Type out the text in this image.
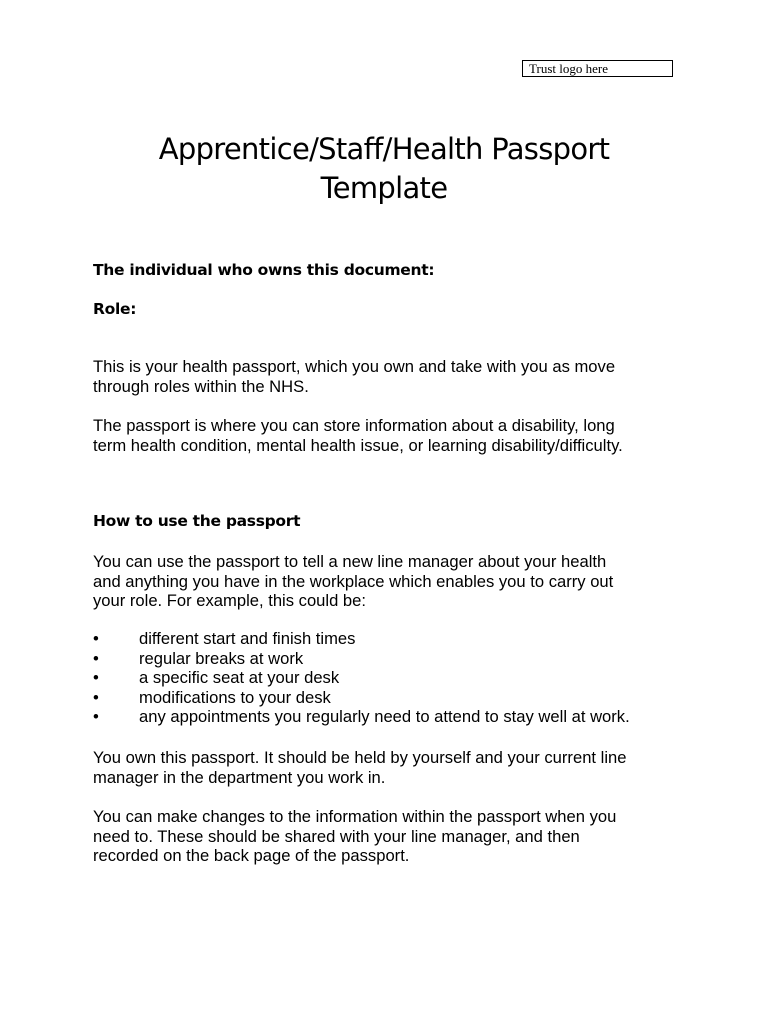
Trust logo here
Apprentice/Staff/Health Passport
Template
The individual who owns this document:
Role:
This is your health passport, which you own and take with you as move
through roles within the NHS.
The passport is where you can store information about a disability, long
term health condition, mental health issue, or learning disability/difficulty.
How to use the passport
You can use the passport to tell a new line manager about your health
and anything you have in the workplace which enables you to carry out
your role. For example, this could be:
• different start and finish times
• regular breaks at work
• a specific seat at your desk
• modifications to your desk
• any appointments you regularly need to attend to stay well at work.
You own this passport. It should be held by yourself and your current line
manager in the department you work in.
You can make changes to the information within the passport when you
need to. These should be shared with your line manager, and then
recorded on the back page of the passport.
